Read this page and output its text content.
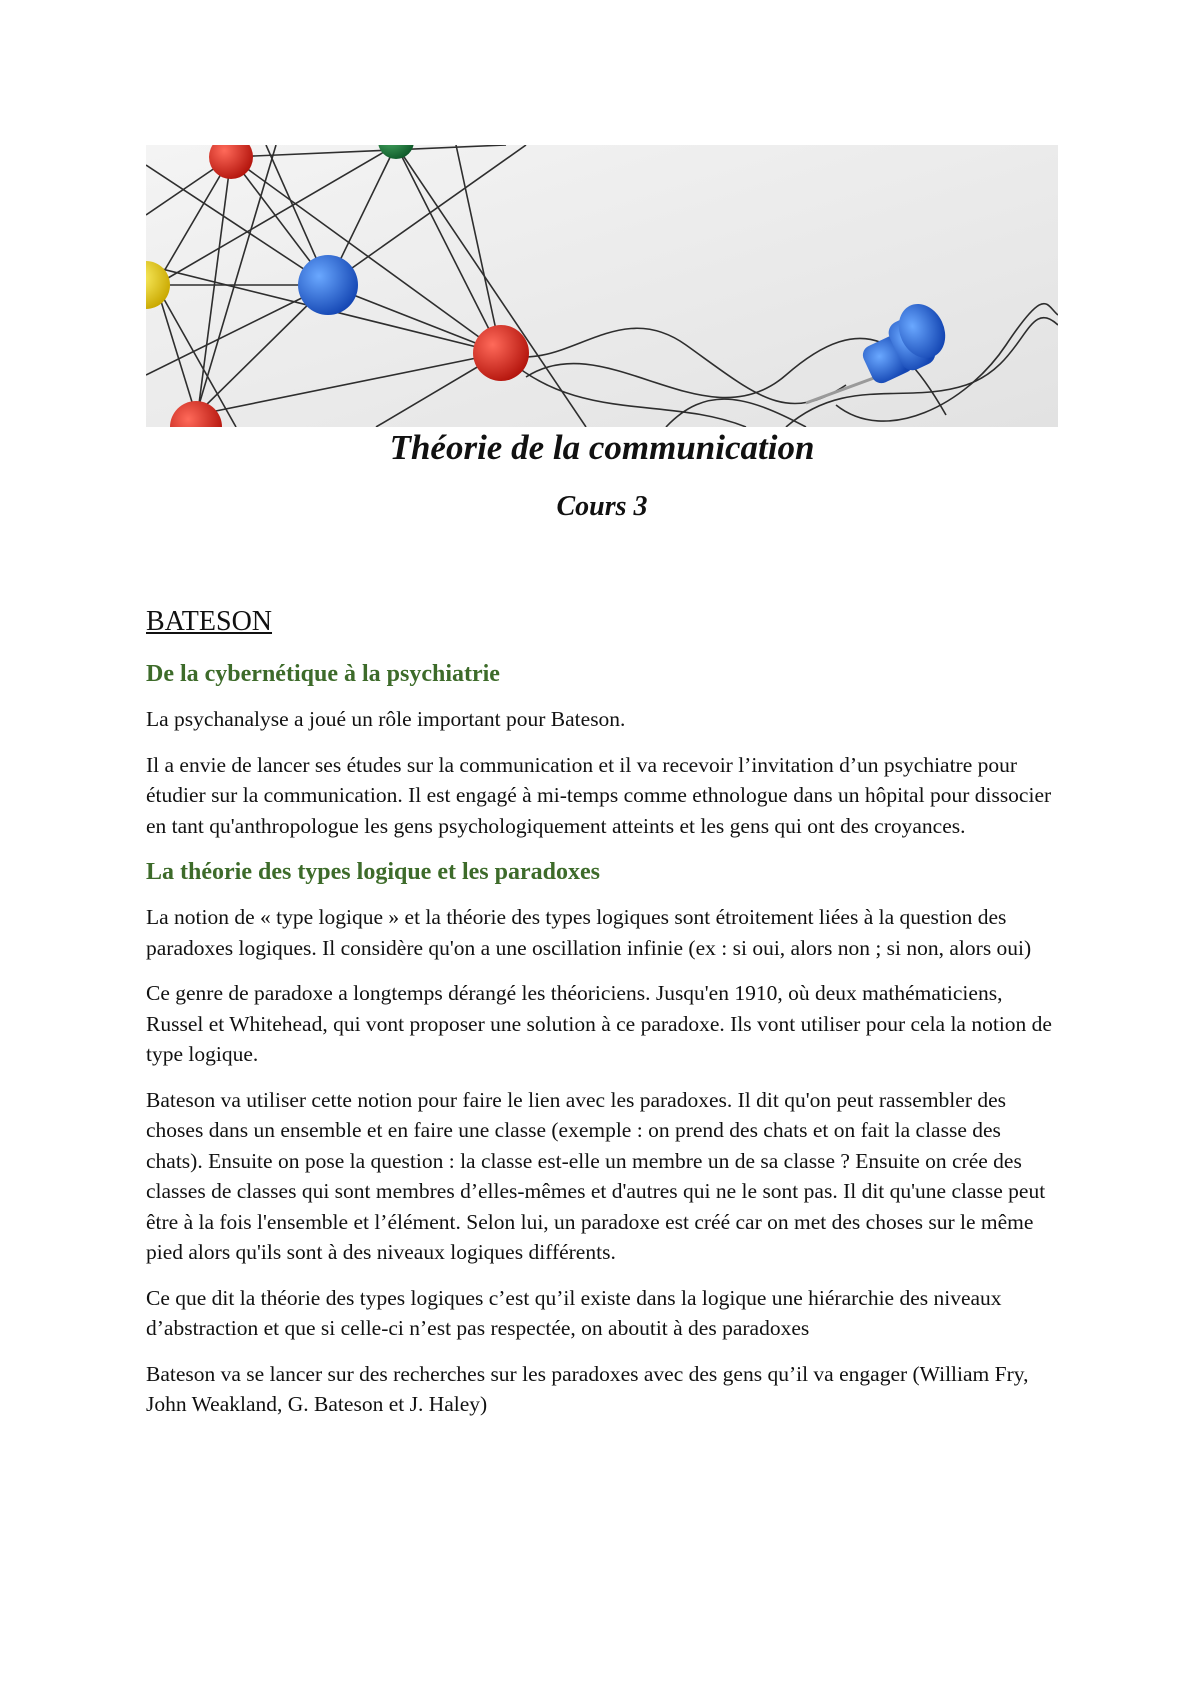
Théorie de la communication
Cours 3
BATESON
De la cybernétique à la psychiatrie

La psychanalyse a joué un rôle important pour Bateson.

Il a envie de lancer ses études sur la communication et il va recevoir l’invitation d’un psychiatre pour étudier sur la communication. Il est engagé à mi-temps comme ethnologue dans un hôpital pour dissocier en tant qu'anthropologue les gens psychologiquement atteints et les gens qui ont des croyances.

La théorie des types logique et les paradoxes

La notion de « type logique » et la théorie des types logiques sont étroitement liées à la question des paradoxes logiques. Il considère qu'on a une oscillation infinie (ex : si oui, alors non ; si non, alors oui)

Ce genre de paradoxe a longtemps dérangé les théoriciens. Jusqu'en 1910, où deux mathématiciens, Russel et Whitehead, qui vont proposer une solution à ce paradoxe. Ils vont utiliser pour cela la notion de type logique.

Bateson va utiliser cette notion pour faire le lien avec les paradoxes. Il dit qu'on peut rassembler des choses dans un ensemble et en faire une classe (exemple : on prend des chats et on fait la classe des chats). Ensuite on pose la question : la classe est-elle un membre un de sa classe ? Ensuite on crée des classes de classes qui sont membres d’elles-mêmes et d'autres qui ne le sont pas. Il dit qu'une classe peut être à la fois l'ensemble et l’élément. Selon lui, un paradoxe est créé car on met des choses sur le même pied alors qu'ils sont à des niveaux logiques différents.

Ce que dit la théorie des types logiques c’est qu’il existe dans la logique une hiérarchie des niveaux d’abstraction et que si celle-ci n’est pas respectée, on aboutit à des paradoxes

Bateson va se lancer sur des recherches sur les paradoxes avec des gens qu’il va engager (William Fry, John Weakland, G. Bateson et J. Haley)
